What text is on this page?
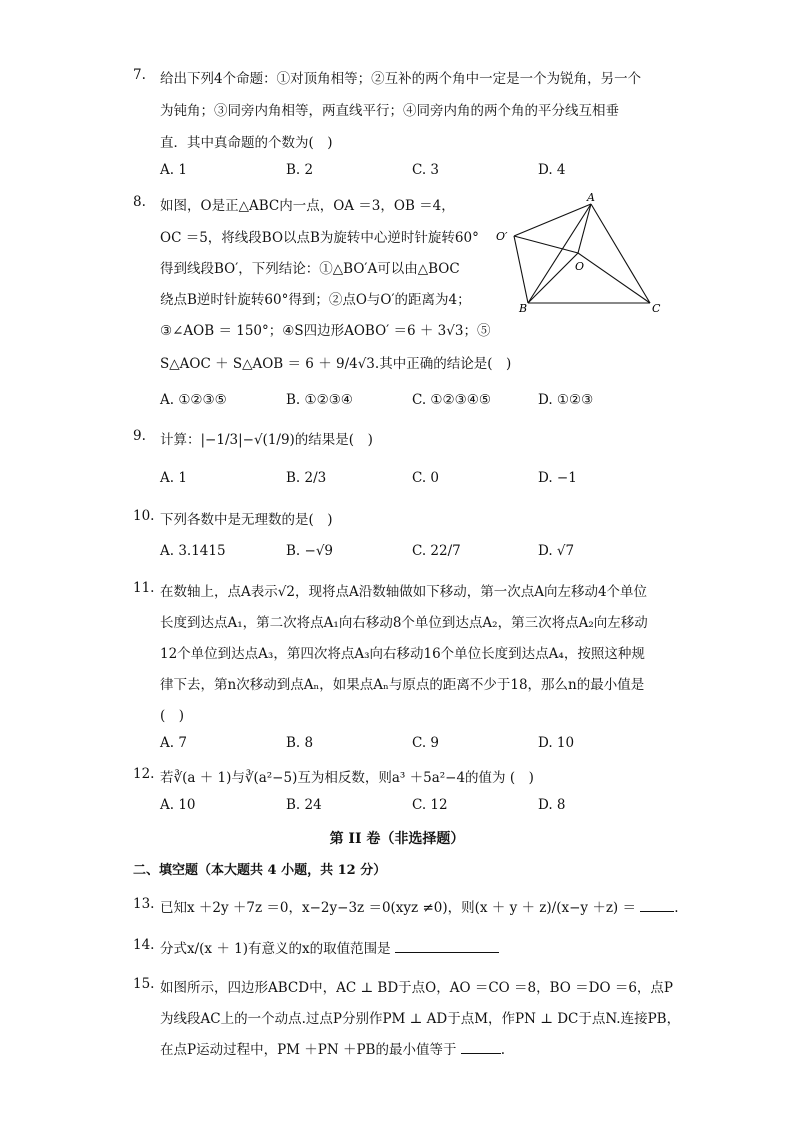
7. 给出下列4个命题：①对顶角相等；②互补的两个角中一定是一个为锐角，另一个
为钝角；③同旁内角相等，两直线平行；④同旁内角的两个角的平分线互相垂
直．其中真命题的个数为(　)
A. 1	B. 2	C. 3	D. 4
8. 如图，O是正△ABC内一点，OA ＝3，OB ＝4，
OC ＝5，将线段BO以点B为旋转中心逆时针旋转60°
得到线段BO′，下列结论：①△BO′A可以由△BOC
绕点B逆时针旋转60°得到；②点O与O′的距离为4；
③∠AOB ＝ 150°；④S四边形AOBO′ ＝6 ＋ 3√3；⑤
S△AOC ＋ S△AOB ＝ 6 ＋ 9/4√3.其中正确的结论是(　)
A. ①②③⑤	B. ①②③④	C. ①②③④⑤	D. ①②③
A
B	C
O
O′
9. 计算：|−1/3|−√(1/9)的结果是(　)
A. 1	B. 2/3	C. 0	D. −1
10. 下列各数中是无理数的是(　)
A. 3.1415	B. −√9	C. 22/7	D. √7
11. 在数轴上，点A表示√2，现将点A沿数轴做如下移动，第一次点A向左移动4个单位
长度到达点A₁，第二次将点A₁向右移动8个单位到达点A₂，第三次将点A₂向左移动
12个单位到达点A₃，第四次将点A₃向右移动16个单位长度到达点A₄，按照这种规
律下去，第n次移动到点Aₙ，如果点Aₙ与原点的距离不少于18，那么n的最小值是
(　)
A. 7	B. 8	C. 9	D. 10
12. 若∛(a ＋ 1)与∛(a²−5)互为相反数，则a³ ＋5a²−4的值为 (　)
A. 10	B. 24	C. 12	D. 8
第 II 卷（非选择题）
二、填空题（本大题共 4 小题，共 12 分）
13. 已知x ＋2y ＋7z ＝0，x−2y−3z ＝0(xyz ≠0)，则(x ＋ y ＋ z)/(x−y ＋z) ＝	.
14. 分式x/(x ＋ 1)有意义的x的取值范围是
15. 如图所示，四边形ABCD中，AC ⊥ BD于点O，AO ＝CO ＝8，BO ＝DO ＝6，点P
为线段AC上的一个动点.过点P分别作PM ⊥ AD于点M，作PN ⊥ DC于点N.连接PB，
在点P运动过程中，PM ＋PN ＋PB的最小值等于	.
